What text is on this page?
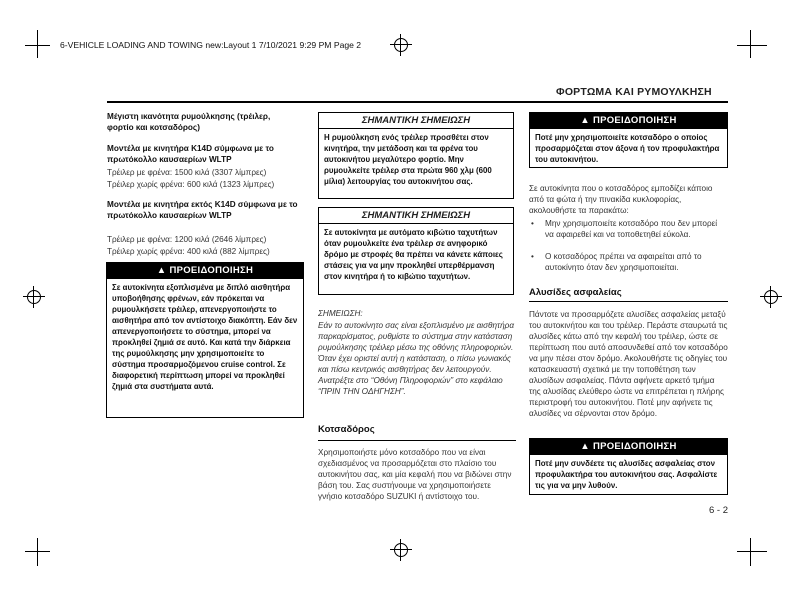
6-VEHICLE LOADING AND TOWING new:Layout 1 7/10/2021 9:29 PM Page 2
ΦΟΡΤΩΜΑ ΚΑΙ ΡΥΜΟΥΛΚΗΣΗ
Μέγιστη ικανότητα ρυμούλκησης (τρέιλερ, φορτίο και κοτσαδόρος)
Μοντέλα με κινητήρα K14D σύμφωνα με το πρωτόκολλο καυσαερίων WLTP
Τρέιλερ με φρένα: 1500 κιλά (3307 λίμπρες)
Τρέιλερ χωρίς φρένα: 600 κιλά (1323 λίμπρες)
Μοντέλα με κινητήρα εκτός K14D σύμφωνα με το πρωτόκολλο καυσαερίων WLTP
Τρέιλερ με φρένα: 1200 κιλά (2646 λίμπρες)
Τρέιλερ χωρίς φρένα: 400 κιλά (882 λίμπρες)
▲ ΠΡΟΕΙΔΟΠΟΙΗΣΗ
Σε αυτοκίνητα εξοπλισμένα με διπλό αισθητήρα υποβοήθησης φρένων, εάν πρόκειται να ρυμουλκήσετε τρέιλερ, απενεργοποιήστε το αισθητήρα από τον αντίστοιχο διακόπτη. Εάν δεν απενεργοποιήσετε το σύστημα, μπορεί να προκληθεί ζημιά σε αυτό. Και κατά την διάρκεια της ρυμούλκησης μην χρησιμοποιείτε το σύστημα προσαρμοζόμενου cruise control. Σε διαφορετική περίπτωση μπορεί να προκληθεί ζημιά στα συστήματα αυτά.
ΣΗΜΑΝΤΙΚΗ ΣΗΜΕΙΩΣΗ
Η ρυμούλκηση ενός τρέιλερ προσθέτει στον κινητήρα, την μετάδοση και τα φρένα του αυτοκινήτου μεγαλύτερο φορτίο. Μην ρυμουλκείτε τρέιλερ στα πρώτα 960 χλμ (600 μίλια) λειτουργίας του αυτοκινήτου σας.
ΣΗΜΑΝΤΙΚΗ ΣΗΜΕΙΩΣΗ
Σε αυτοκίνητα με αυτόματο κιβώτιο ταχυτήτων όταν ρυμουλκείτε ένα τρέιλερ σε ανηφορικό δρόμο με στροφές θα πρέπει να κάνετε κάποιες στάσεις για να μην προκληθεί υπερθέρμανση στον κινητήρα ή το κιβώτιο ταχυτήτων.
ΣΗΜΕΙΩΣΗ:
Εάν το αυτοκίνητο σας είναι εξοπλισμένο με αισθητήρα παρκαρίσματος, ρυθμίστε το σύστημα στην κατάσταση ρυμούλκησης τρέιλερ μέσω της οθόνης πληροφοριών. Όταν έχει οριστεί αυτή η κατάσταση, ο πίσω γωνιακός και πίσω κεντρικός αισθητήρας δεν λειτουργούν. Ανατρέξτε στο “Οθόνη Πληροφοριών” στο κεφάλαιο “ΠΡΙΝ ΤΗΝ ΟΔΗΓΗΣΗ”.
Κοτσαδόρος
Χρησιμοποιήστε μόνο κοτσαδόρο που να είναι σχεδιασμένος να προσαρμόζεται στο πλαίσιο του αυτοκινήτου σας, και μία κεφαλή που να βιδώνει στην βάση του. Σας συστήνουμε να χρησιμοποιήσετε γνήσιο κοτσαδόρο SUZUKI ή αντίστοιχο του.
▲ ΠΡΟΕΙΔΟΠΟΙΗΣΗ
Ποτέ μην χρησιμοποιείτε κοτσαδόρο ο οποίος προσαρμόζεται στον άξονα ή τον προφυλακτήρα του αυτοκινήτου.
Σε αυτοκίνητα που ο κοτσαδόρος εμποδίζει κάποιο από τα φώτα ή την πινακίδα κυκλοφορίας, ακολουθήστε τα παρακάτω:
• Μην χρησιμοποιείτε κοτσαδόρο που δεν μπορεί να αφαιρεθεί και να τοποθετηθεί εύκολα.
• Ο κοτσαδόρος πρέπει να αφαιρείται από το αυτοκίνητο όταν δεν χρησιμοποιείται.
Αλυσίδες ασφαλείας
Πάντοτε να προσαρμόζετε αλυσίδες ασφαλείας μεταξύ του αυτοκινήτου και του τρέιλερ. Περάστε σταυρωτά τις αλυσίδες κάτω από την κεφαλή του τρέιλερ, ώστε σε περίπτωση που αυτό αποσυνδεθεί από τον κοτσαδόρο να μην πέσει στον δρόμο. Ακολουθήστε τις οδηγίες του κατασκευαστή σχετικά με την τοποθέτηση των αλυσίδων ασφαλείας. Πάντα αφήνετε αρκετό τμήμα της αλυσίδας ελεύθερο ώστε να επιτρέπεται η πλήρης περιστροφή του αυτοκινήτου. Ποτέ μην αφήνετε τις αλυσίδες να σέρνονται στον δρόμο.
▲ ΠΡΟΕΙΔΟΠΟΙΗΣΗ
Ποτέ μην συνδέετε τις αλυσίδες ασφαλείας στον προφυλακτήρα του αυτοκινήτου σας. Ασφαλίστε τις για να μην λυθούν.
6 - 2
